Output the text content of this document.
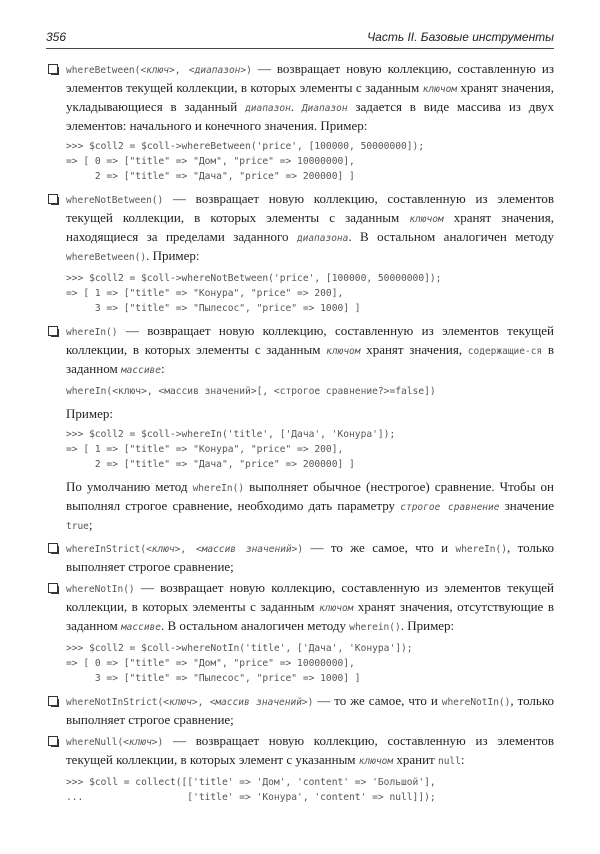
356	Часть II. Базовые инструменты
whereBetween(<ключ>, <диапазон>) — возвращает новую коллекцию, составленную из элементов текущей коллекции, в которых элементы с заданным ключом хранят значения, укладывающиеся в заданный диапазон. Диапазон задается в виде массива из двух элементов: начального и конечного значения. Пример:
>>> $coll2 = $coll->whereBetween('price', [100000, 50000000]);
=> [ 0 => ["title" => "Дом", "price" => 10000000],
2 => ["title" => "Дача", "price" => 200000] ]
whereNotBetween() — возвращает новую коллекцию, составленную из элементов текущей коллекции, в которых элементы с заданным ключом хранят значения, находящиеся за пределами заданного диапазона. В остальном аналогичен методу whereBetween(). Пример:
>>> $coll2 = $coll->whereNotBetween('price', [100000, 50000000]);
=> [ 1 => ["title" => "Конура", "price" => 200],
3 => ["title" => "Пылесос", "price" => 1000] ]
whereIn() — возвращает новую коллекцию, составленную из элементов текущей коллекции, в которых элементы с заданным ключом хранят значения, содержащие-ся в заданном массиве:
whereIn(<ключ>, <массив значений>[, <строгое сравнение?>=false])
Пример:
>>> $coll2 = $coll->whereIn('title', ['Дача', 'Конура']);
=> [ 1 => ["title" => "Конура", "price" => 200],
2 => ["title" => "Дача", "price" => 200000] ]
По умолчанию метод whereIn() выполняет обычное (нестрогое) сравнение. Чтобы он выполнял строгое сравнение, необходимо дать параметру строгое сравнение значение true;
whereInStrict(<ключ>, <массив значений>) — то же самое, что и whereIn(), только выполняет строгое сравнение;
whereNotIn() — возвращает новую коллекцию, составленную из элементов текущей коллекции, в которых элементы с заданным ключом хранят значения, отсутствующие в заданном массиве. В остальном аналогичен методу wherein(). Пример:
>>> $coll2 = $coll->whereNotIn('title', ['Дача', 'Конура']);
=> [ 0 => ["title" => "Дом", "price" => 10000000],
3 => ["title" => "Пылесос", "price" => 1000] ]
whereNotInStrict(<ключ>, <массив значений>) — то же самое, что и whereNotIn(), только выполняет строгое сравнение;
whereNull(<ключ>) — возвращает новую коллекцию, составленную из элементов текущей коллекции, в которых элемент с указанным ключом хранит null:
>>> $coll = collect([['title' => 'Дом', 'content' => 'Большой'],
...                  ['title' => 'Конура', 'content' => null]]);
